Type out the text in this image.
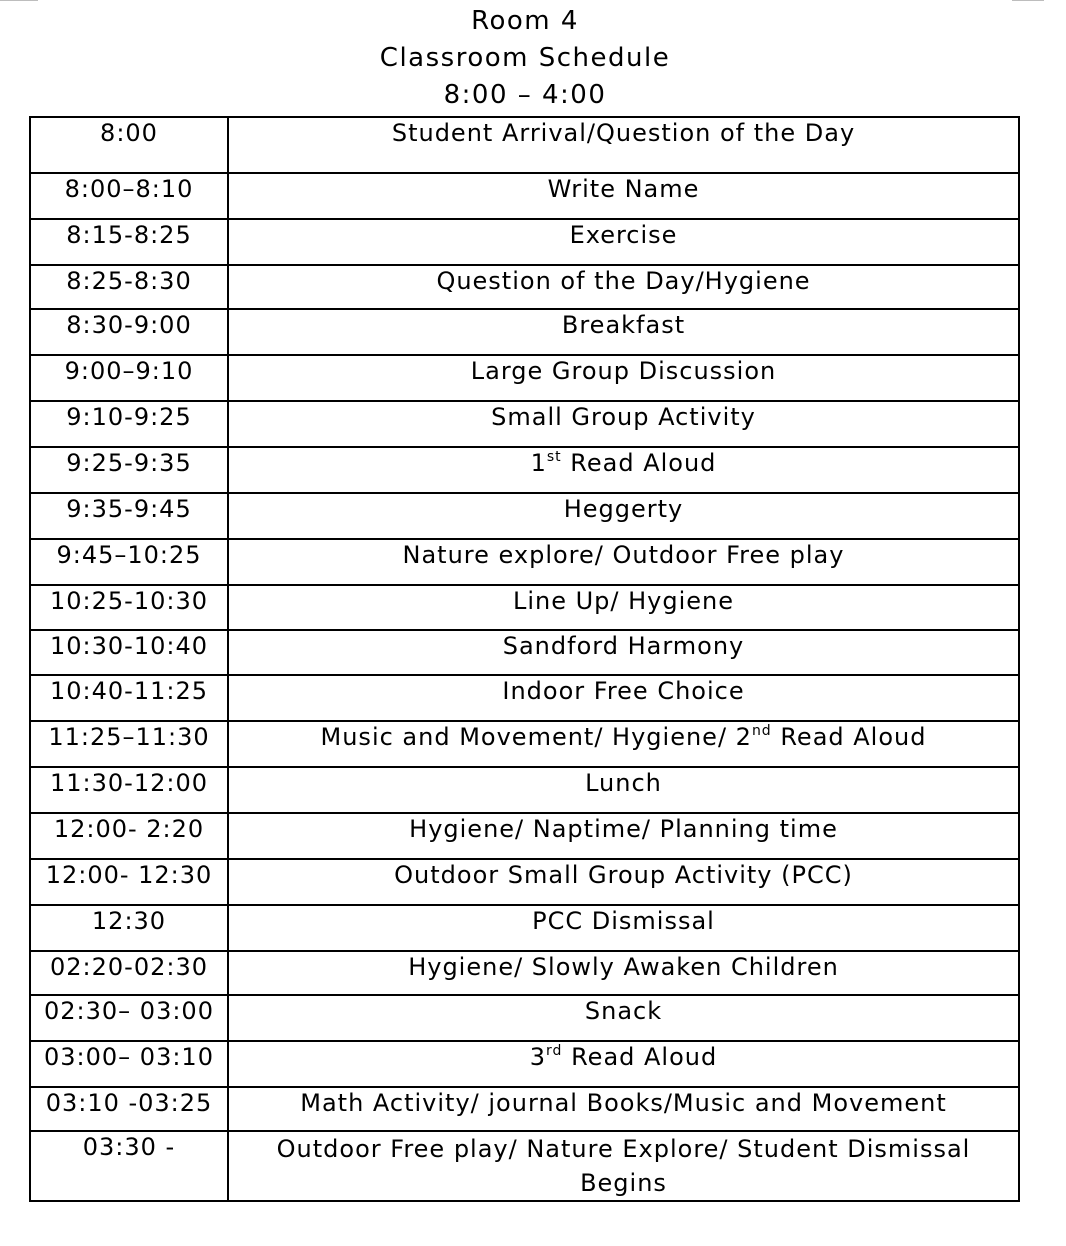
Room 4
Classroom Schedule
8:00 – 4:00
8:00	Student Arrival/Question of the Day
8:00–8:10	Write Name
8:15-8:25	Exercise
8:25-8:30	Question of the Day/Hygiene
8:30-9:00	Breakfast
9:00–9:10	Large Group Discussion
9:10-9:25	Small Group Activity
9:25-9:35	1st Read Aloud
9:35-9:45	Heggerty
9:45–10:25	Nature explore/ Outdoor Free play
10:25-10:30	Line Up/ Hygiene
10:30-10:40	Sandford Harmony
10:40-11:25	Indoor Free Choice
11:25–11:30	Music and Movement/ Hygiene/ 2nd Read Aloud
11:30-12:00	Lunch
12:00- 2:20	Hygiene/ Naptime/ Planning time
12:00- 12:30	Outdoor Small Group Activity (PCC)
12:30	PCC Dismissal
02:20-02:30	Hygiene/ Slowly Awaken Children
02:30– 03:00	Snack
03:00– 03:10	3rd Read Aloud
03:10 -03:25	Math Activity/ journal Books/Music and Movement
03:30 -	Outdoor Free play/ Nature Explore/ Student Dismissal Begins
